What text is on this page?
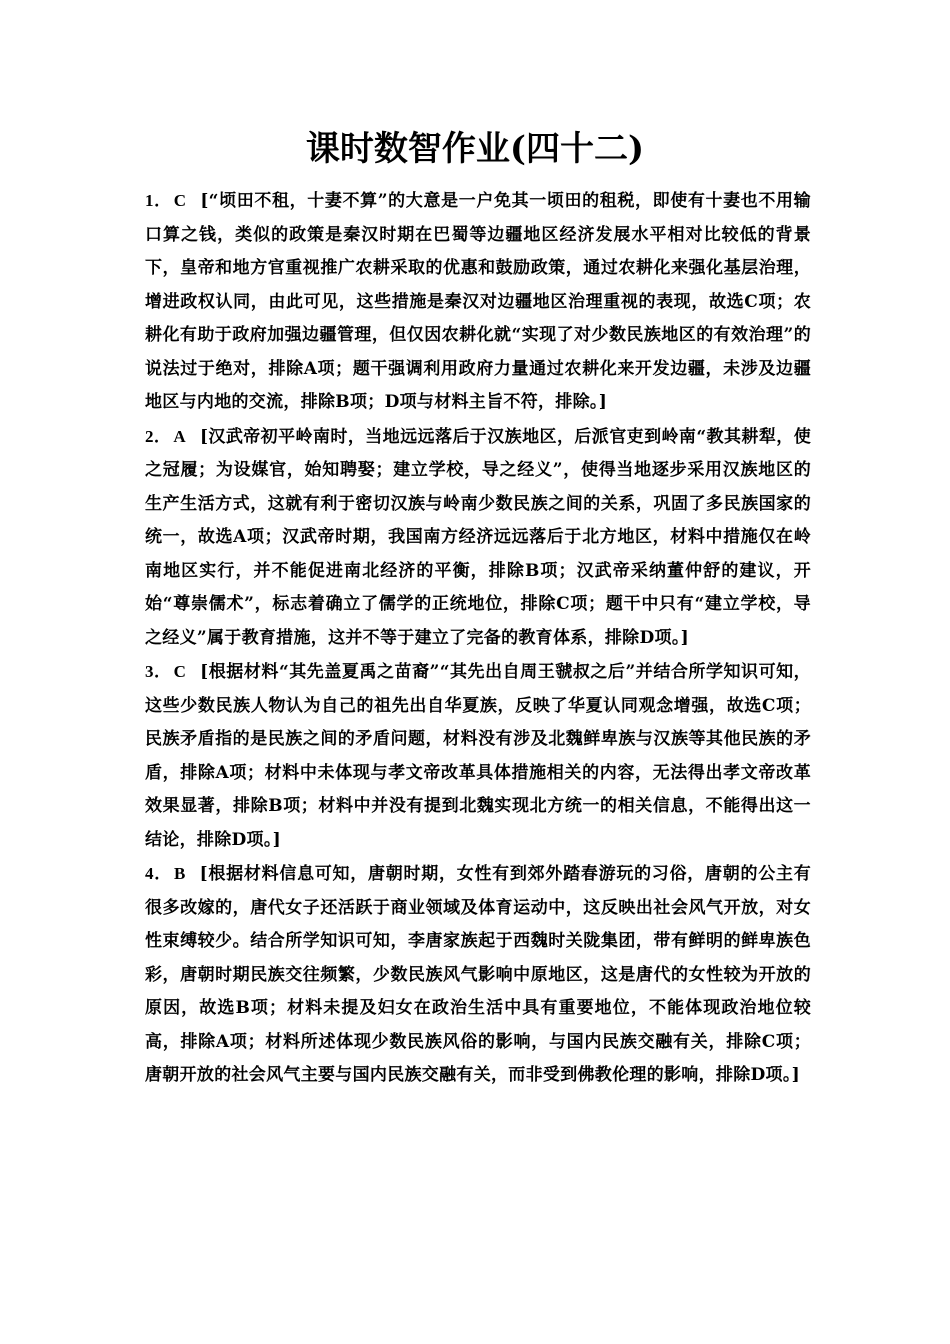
课时数智作业(四十二)

1． C [“顷田不租，十妻不算”的大意是一户免其一顷田的租税，即使有十妻也不用输口算之钱，类似的政策是秦汉时期在巴蜀等边疆地区经济发展水平相对比较低的背景下，皇帝和地方官重视推广农耕采取的优惠和鼓励政策，通过农耕化来强化基层治理，增进政权认同，由此可见，这些措施是秦汉对边疆地区治理重视的表现，故选C项；农耕化有助于政府加强边疆管理，但仅因农耕化就“实现了对少数民族地区的有效治理”的说法过于绝对，排除A项；题干强调利用政府力量通过农耕化来开发边疆，未涉及边疆地区与内地的交流，排除B项；D项与材料主旨不符，排除。]

2． A [汉武帝初平岭南时，当地远远落后于汉族地区，后派官吏到岭南“教其耕犁，使之冠履；为设媒官，始知聘娶；建立学校，导之经义”，使得当地逐步采用汉族地区的生产生活方式，这就有利于密切汉族与岭南少数民族之间的关系，巩固了多民族国家的统一，故选A项；汉武帝时期，我国南方经济远远落后于北方地区，材料中措施仅在岭南地区实行，并不能促进南北经济的平衡，排除B项；汉武帝采纳董仲舒的建议，开始“尊崇儒术”，标志着确立了儒学的正统地位，排除C项；题干中只有“建立学校，导之经义”属于教育措施，这并不等于建立了完备的教育体系，排除D项。]

3． C [根据材料“其先盖夏禹之苗裔”“其先出自周王虢叔之后”并结合所学知识可知，这些少数民族人物认为自己的祖先出自华夏族，反映了华夏认同观念增强，故选C项；民族矛盾指的是民族之间的矛盾问题，材料没有涉及北魏鲜卑族与汉族等其他民族的矛盾，排除A项；材料中未体现与孝文帝改革具体措施相关的内容，无法得出孝文帝改革效果显著，排除B项；材料中并没有提到北魏实现北方统一的相关信息，不能得出这一结论，排除D项。]

4． B [根据材料信息可知，唐朝时期，女性有到郊外踏春游玩的习俗，唐朝的公主有很多改嫁的，唐代女子还活跃于商业领域及体育运动中，这反映出社会风气开放，对女性束缚较少。结合所学知识可知，李唐家族起于西魏时关陇集团，带有鲜明的鲜卑族色彩，唐朝时期民族交往频繁，少数民族风气影响中原地区，这是唐代的女性较为开放的原因，故选B项；材料未提及妇女在政治生活中具有重要地位，不能体现政治地位较高，排除A项；材料所述体现少数民族风俗的影响，与国内民族交融有关，排除C项；唐朝开放的社会风气主要与国内民族交融有关，而非受到佛教伦理的影响，排除D项。]
